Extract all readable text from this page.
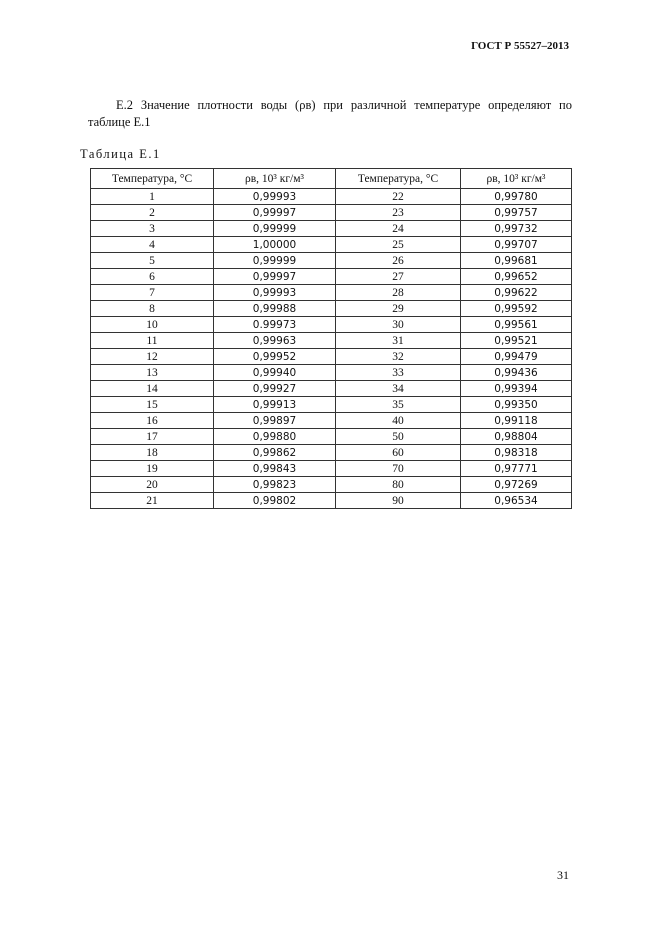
ГОСТ Р 55527–2013
Е.2 Значение плотности воды (ρв) при различной температуре определяют по таблице Е.1
Таблица Е.1
Температура, °С	ρв, 10³ кг/м³	Температура, °С	ρв, 10³ кг/м³
1	0,99993	22	0,99780
2	0,99997	23	0,99757
3	0,99999	24	0,99732
4	1,00000	25	0,99707
5	0,99999	26	0,99681
6	0,99997	27	0,99652
7	0,99993	28	0,99622
8	0,99988	29	0,99592
10	0.99973	30	0,99561
11	0,99963	31	0,99521
12	0,99952	32	0,99479
13	0,99940	33	0,99436
14	0,99927	34	0,99394
15	0,99913	35	0,99350
16	0,99897	40	0,99118
17	0,99880	50	0,98804
18	0,99862	60	0,98318
19	0,99843	70	0,97771
20	0,99823	80	0,97269
21	0,99802	90	0,96534
31
